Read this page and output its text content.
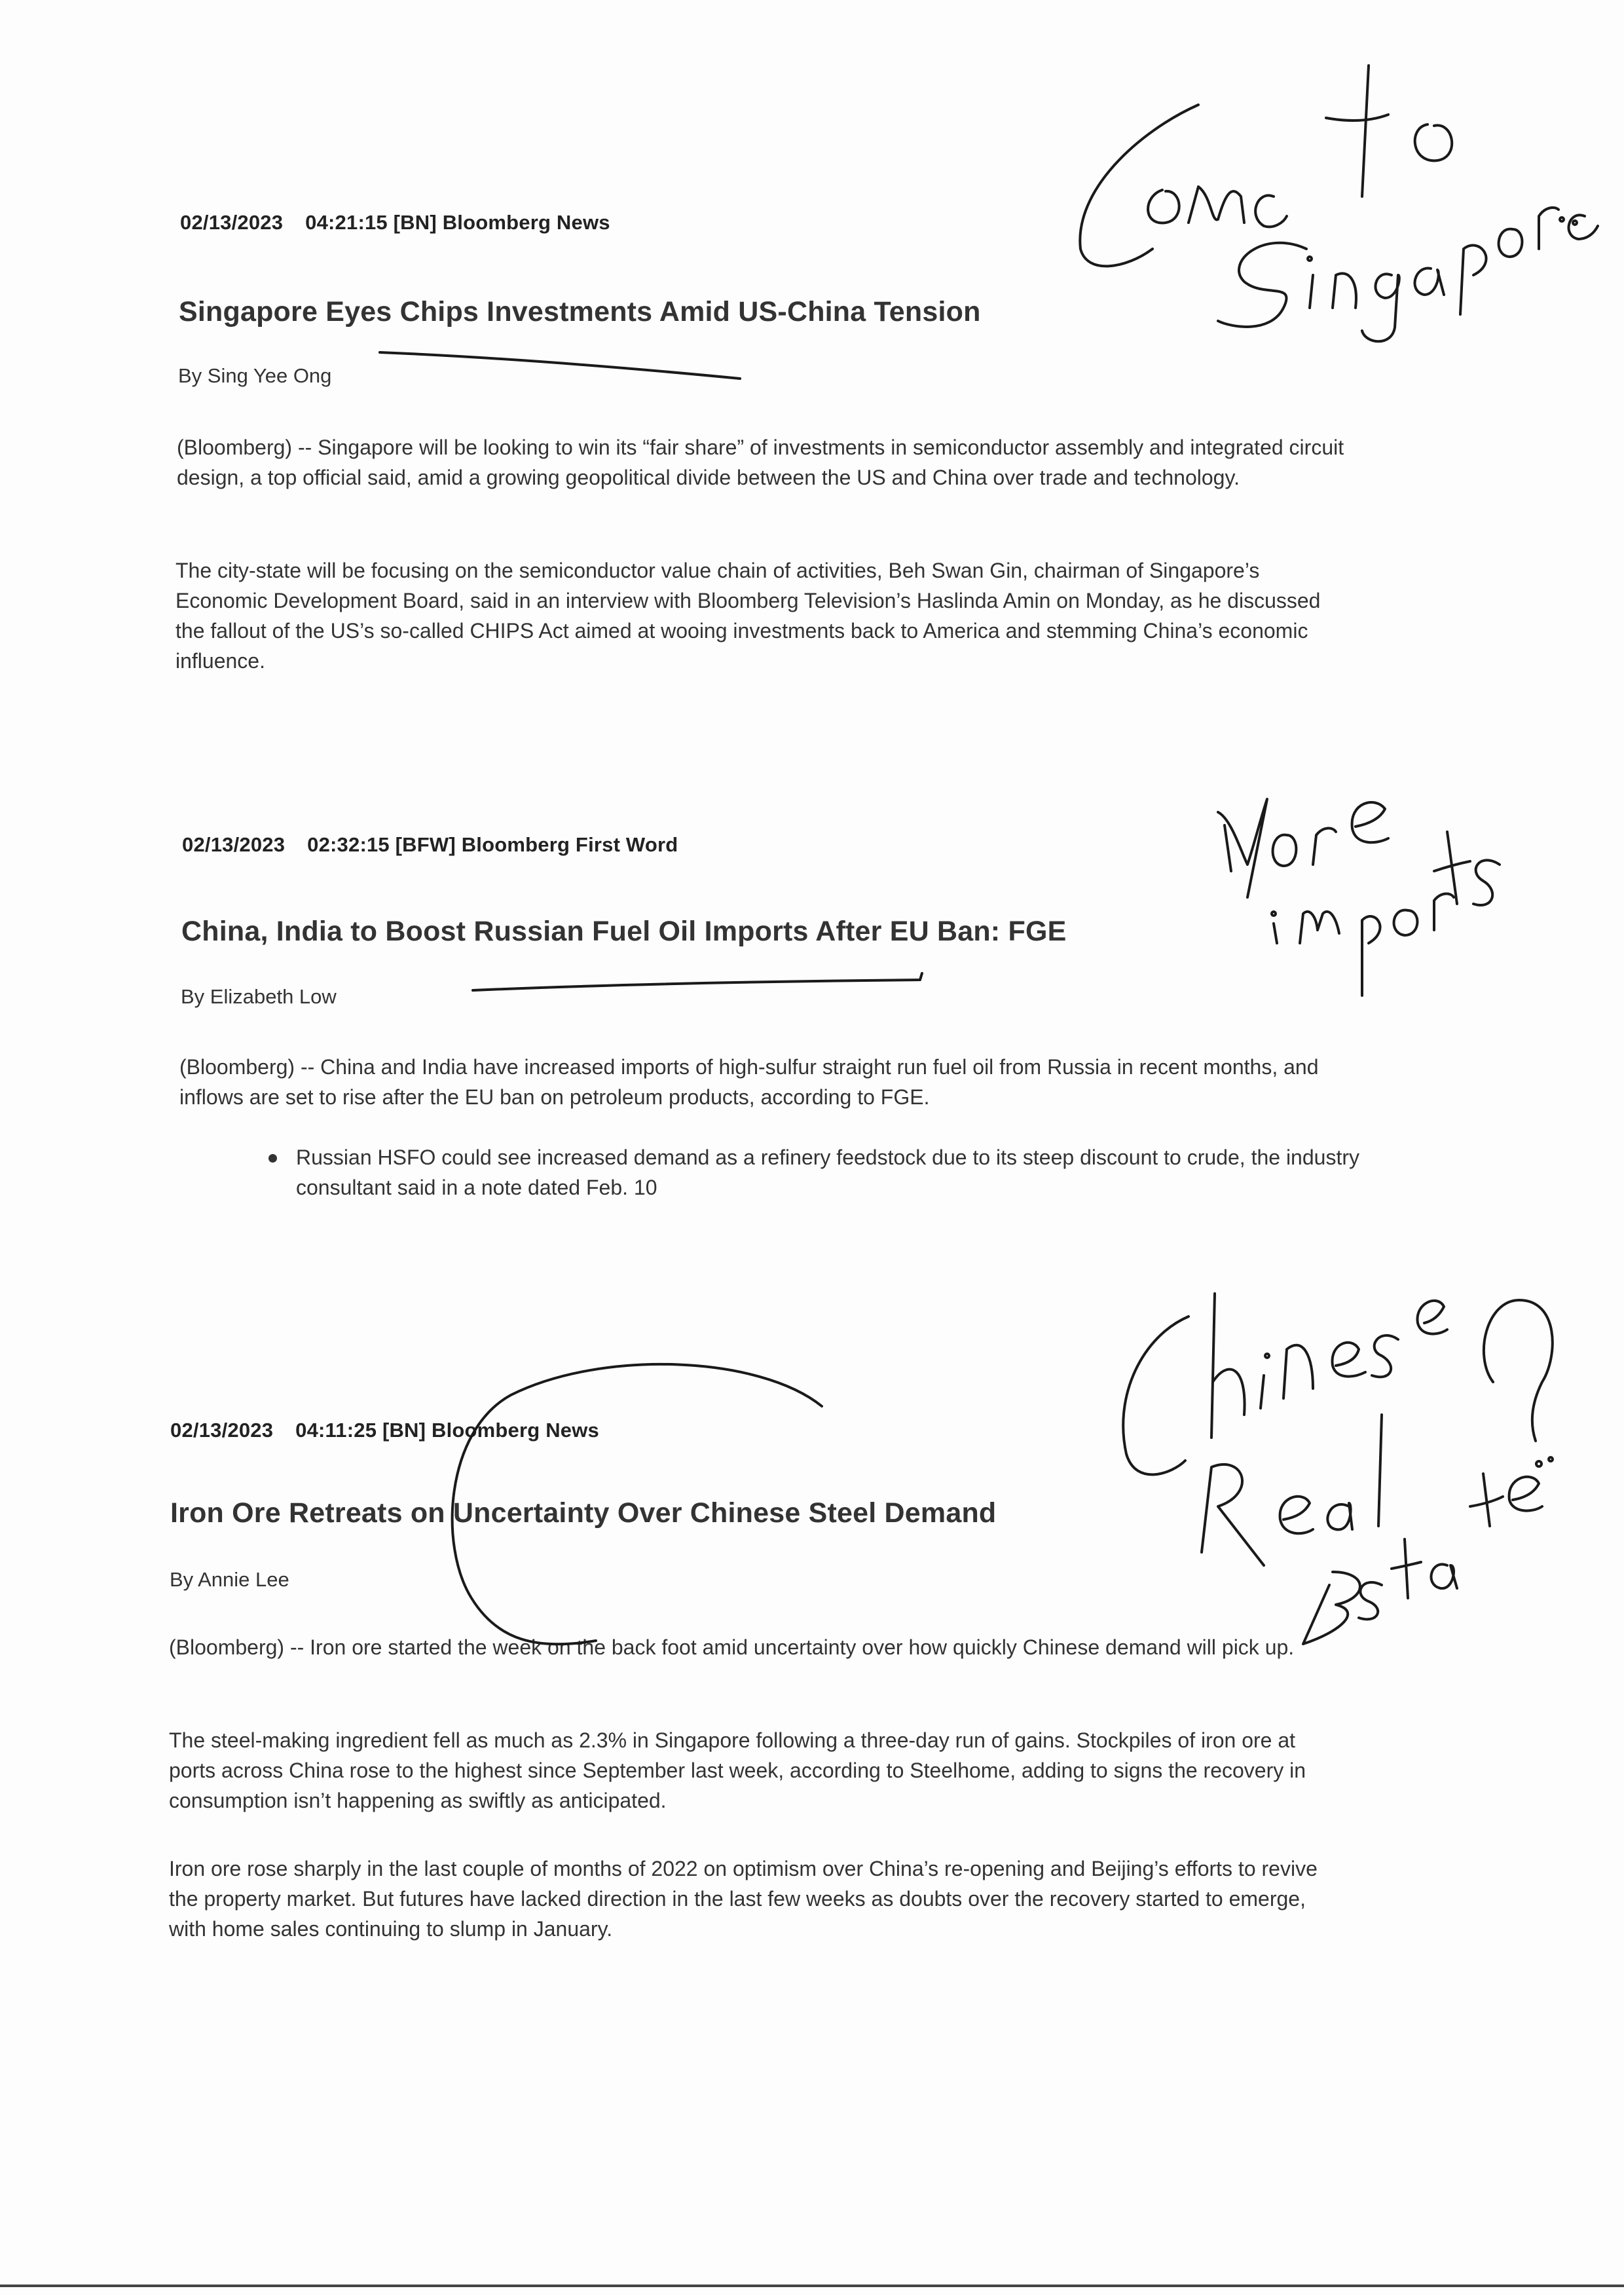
02/13/2023 04:21:15 [BN] Bloomberg News
Singapore Eyes Chips Investments Amid US-China Tension
By Sing Yee Ong

(Bloomberg) -- Singapore will be looking to win its “fair share” of investments in semiconductor assembly and integrated circuit design, a top official said, amid a growing geopolitical divide between the US and China over trade and technology.

The city-state will be focusing on the semiconductor value chain of activities, Beh Swan Gin, chairman of Singapore’s Economic Development Board, said in an interview with Bloomberg Television’s Haslinda Amin on Monday, as he discussed the fallout of the US’s so-called CHIPS Act aimed at wooing investments back to America and stemming China’s economic influence.

02/13/2023 02:32:15 [BFW] Bloomberg First Word
China, India to Boost Russian Fuel Oil Imports After EU Ban: FGE
By Elizabeth Low

(Bloomberg) -- China and India have increased imports of high-sulfur straight run fuel oil from Russia in recent months, and inflows are set to rise after the EU ban on petroleum products, according to FGE.

Russian HSFO could see increased demand as a refinery feedstock due to its steep discount to crude, the industry consultant said in a note dated Feb. 10
02/13/2023 04:11:25 [BN] Bloomberg News
Iron Ore Retreats on Uncertainty Over Chinese Steel Demand
By Annie Lee

(Bloomberg) -- Iron ore started the week on the back foot amid uncertainty over how quickly Chinese demand will pick up.

The steel-making ingredient fell as much as 2.3% in Singapore following a three-day run of gains. Stockpiles of iron ore at ports across China rose to the highest since September last week, according to Steelhome, adding to signs the recovery in consumption isn’t happening as swiftly as anticipated.

Iron ore rose sharply in the last couple of months of 2022 on optimism over China’s re-opening and Beijing’s efforts to revive the property market. But futures have lacked direction in the last few weeks as doubts over the recovery started to emerge, with home sales continuing to slump in January.
